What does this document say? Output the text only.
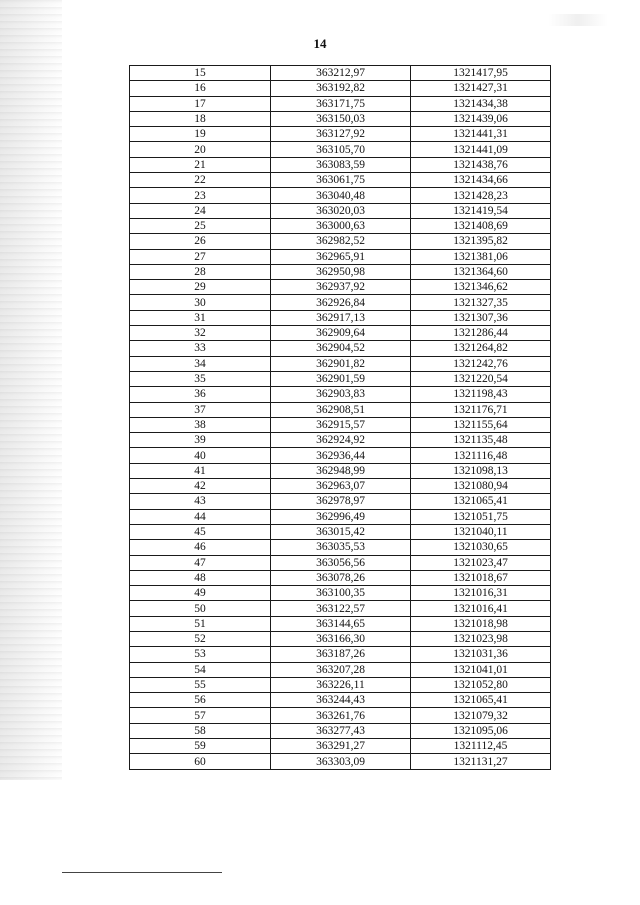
14
15	363212,97	1321417,95
16	363192,82	1321427,31
17	363171,75	1321434,38
18	363150,03	1321439,06
19	363127,92	1321441,31
20	363105,70	1321441,09
21	363083,59	1321438,76
22	363061,75	1321434,66
23	363040,48	1321428,23
24	363020,03	1321419,54
25	363000,63	1321408,69
26	362982,52	1321395,82
27	362965,91	1321381,06
28	362950,98	1321364,60
29	362937,92	1321346,62
30	362926,84	1321327,35
31	362917,13	1321307,36
32	362909,64	1321286,44
33	362904,52	1321264,82
34	362901,82	1321242,76
35	362901,59	1321220,54
36	362903,83	1321198,43
37	362908,51	1321176,71
38	362915,57	1321155,64
39	362924,92	1321135,48
40	362936,44	1321116,48
41	362948,99	1321098,13
42	362963,07	1321080,94
43	362978,97	1321065,41
44	362996,49	1321051,75
45	363015,42	1321040,11
46	363035,53	1321030,65
47	363056,56	1321023,47
48	363078,26	1321018,67
49	363100,35	1321016,31
50	363122,57	1321016,41
51	363144,65	1321018,98
52	363166,30	1321023,98
53	363187,26	1321031,36
54	363207,28	1321041,01
55	363226,11	1321052,80
56	363244,43	1321065,41
57	363261,76	1321079,32
58	363277,43	1321095,06
59	363291,27	1321112,45
60	363303,09	1321131,27
